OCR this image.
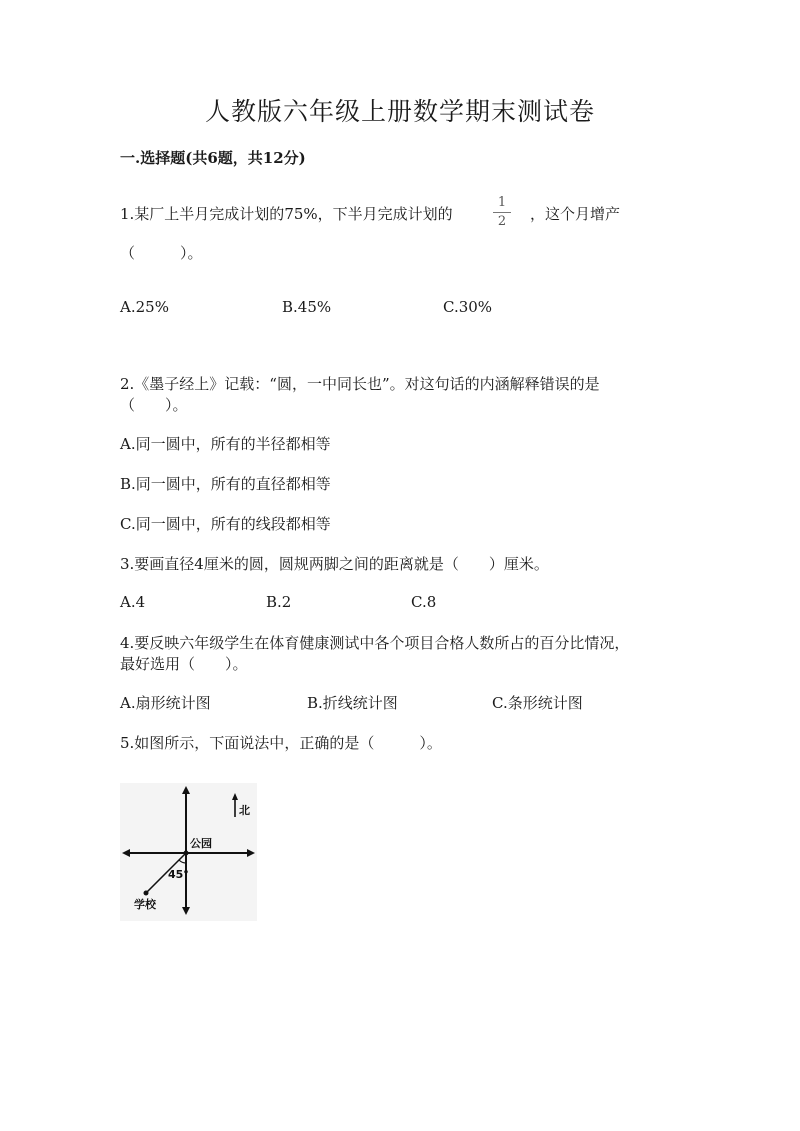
人教版六年级上册数学期末测试卷
一.选择题(共6题，共12分)
1.某厂上半月完成计划的75%，下半月完成计划的
1
2	，这个月增产
（　　　）。
A.25%	B.45%	C.30%
2.《墨子经上》记载：“圆，一中同长也”。对这句话的内涵解释错误的是
（　　）。
A.同一圆中，所有的半径都相等
B.同一圆中，所有的直径都相等
C.同一圆中，所有的线段都相等
3.要画直径4厘米的圆，圆规两脚之间的距离就是（　　）厘米。
A.4	B.2	C.8
4.要反映六年级学生在体育健康测试中各个项目合格人数所占的百分比情况，
最好选用（　　）。
A.扇形统计图	B.折线统计图	C.条形统计图
5.如图所示，下面说法中，正确的是（　　　）。
北
公园
45°
学校
